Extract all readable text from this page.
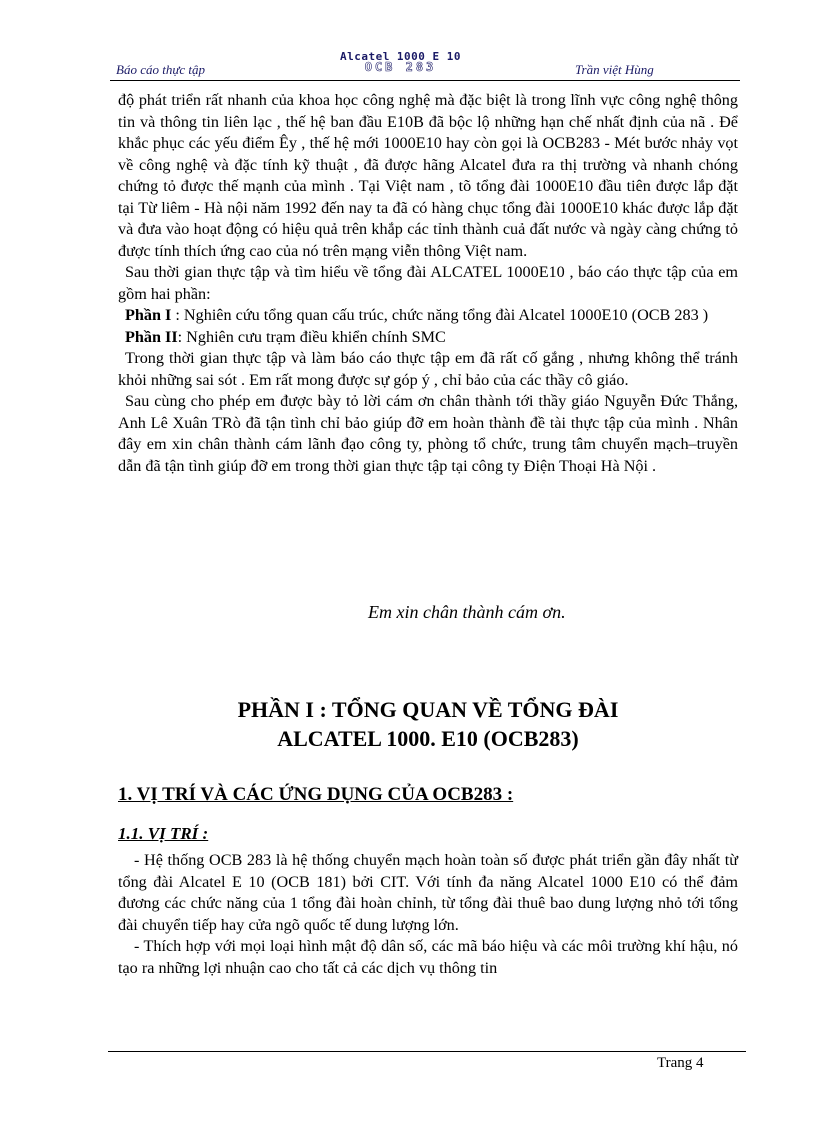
Báo cáo thực tập
Alcatel 1000 E 10
OCB 283	Trần việt Hùng

độ phát triển rất nhanh của khoa học công nghệ mà đặc biệt là trong lĩnh vực công nghệ thông tin và thông tin liên lạc , thế hệ ban đầu E10B đã bộc lộ những hạn chế nhất định của nã . Để khắc phục các yếu điểm Êy , thế hệ mới 1000E10 hay còn gọi là OCB283 - Mét bước nhảy vọt về công nghệ và đặc tính kỹ thuật , đã được hãng Alcatel đưa ra thị trường và nhanh chóng chứng tỏ được thế mạnh của mình . Tại Việt nam , tõ tổng đài 1000E10 đầu tiên được lắp đặt tại Từ liêm - Hà nội năm 1992 đến nay ta đã có hàng chục tổng đài 1000E10 khác được lắp đặt và đưa vào hoạt động có hiệu quả trên khắp các tỉnh thành cuả đất nước và ngày càng chứng tỏ được tính thích ứng cao của nó trên mạng viễn thông Việt nam.

Sau thời gian thực tập và tìm hiểu về tổng đài ALCATEL 1000E10 , báo cáo thực tập của em gồm hai phần:

Phần I : Nghiên cứu tổng quan cấu trúc, chức năng tổng đài Alcatel 1000E10 (OCB 283 )

Phần II: Nghiên cưu trạm điều khiển chính SMC

Trong thời gian thực tập và làm báo cáo thực tập em đã rất cố gắng , nhưng không thể tránh khỏi những sai sót . Em rất mong được sự góp ý , chỉ bảo của các thầy cô giáo.

Sau cùng cho phép em được bày tỏ lời cám ơn chân thành tới thầy giáo Nguyễn Đức Thắng, Anh Lê Xuân TRò đã tận tình chỉ bảo giúp đỡ em hoàn thành đề tài thực tập của mình . Nhân đây em xin chân thành cám lãnh đạo công ty, phòng tổ chức, trung tâm chuyển mạch–truyền dẫn đã tận tình giúp đỡ em trong thời gian thực tập tại công ty Điện Thoại Hà Nội .

Em xin chân thành cám ơn.
PHẦN I : TỔNG QUAN VỀ TỔNG ĐÀI
ALCATEL 1000. E10 (OCB283)
1. VỊ TRÍ VÀ CÁC ỨNG DỤNG CỦA OCB283 :
1.1. VỊ TRÍ :

- Hệ thống OCB 283 là hệ thống chuyển mạch hoàn toàn số được phát triển gần đây nhất từ tổng đài Alcatel E 10 (OCB 181) bởi CIT. Với tính đa năng Alcatel 1000 E10 có thể đảm đương các chức năng của 1 tổng đài hoàn chỉnh, từ tổng đài thuê bao dung lượng nhỏ tới tổng đài chuyển tiếp hay cửa ngõ quốc tế dung lượng lớn.

- Thích hợp với mọi loại hình mật độ dân số, các mã báo hiệu và các môi trường khí hậu, nó tạo ra những lợi nhuận cao cho tất cả các dịch vụ thông tin

Trang 4
